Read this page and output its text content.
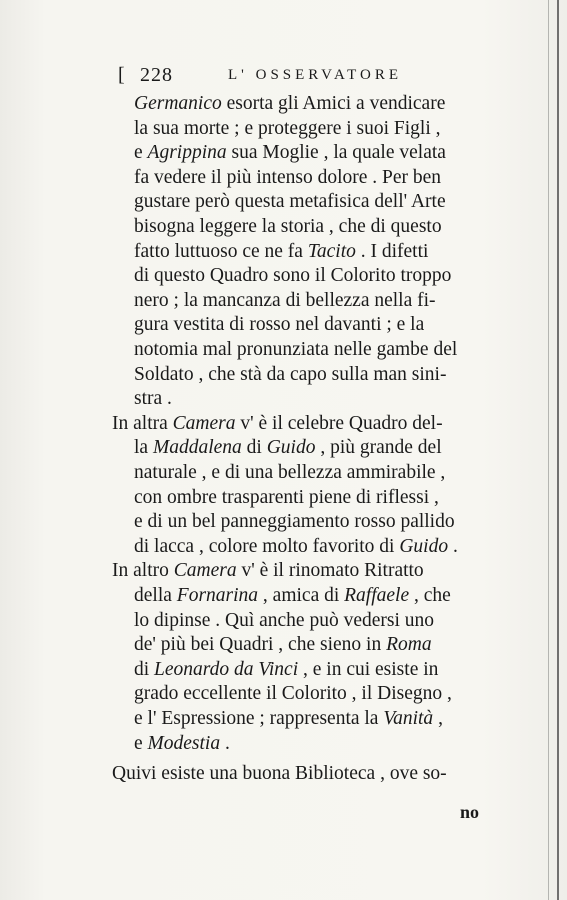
[ 228	L' OSSERVATORE
Germanico esorta gli Amici a vendicare
la sua morte ; e proteggere i suoi Figli ,
e Agrippina sua Moglie , la quale velata
fa vedere il più intenso dolore . Per ben
gustare però questa metafisica dell' Arte
bisogna leggere la storia , che di questo
fatto luttuoso ce ne fa Tacito . I difetti
di questo Quadro sono il Colorito troppo
nero ; la mancanza di bellezza nella fi-
gura vestita di rosso nel davanti ; e la
notomia mal pronunziata nelle gambe del
Soldato , che stà da capo sulla man sini-
stra .
In altra Camera v' è il celebre Quadro del-
la Maddalena di Guido , più grande del
naturale , e di una bellezza ammirabile ,
con ombre trasparenti piene di riflessi ,
e di un bel panneggiamento rosso pallido
di lacca , colore molto favorito di Guido .
In altro Camera v' è il rinomato Ritratto
della Fornarina , amica di Raffaele , che
lo dipinse . Quì anche può vedersi uno
de' più bei Quadri , che sieno in Roma
di Leonardo da Vinci , e in cui esiste in
grado eccellente il Colorito , il Disegno ,
e l' Espressione ; rappresenta la Vanità ,
e Modestia .
Quivi esiste una buona Biblioteca , ove so-
no
